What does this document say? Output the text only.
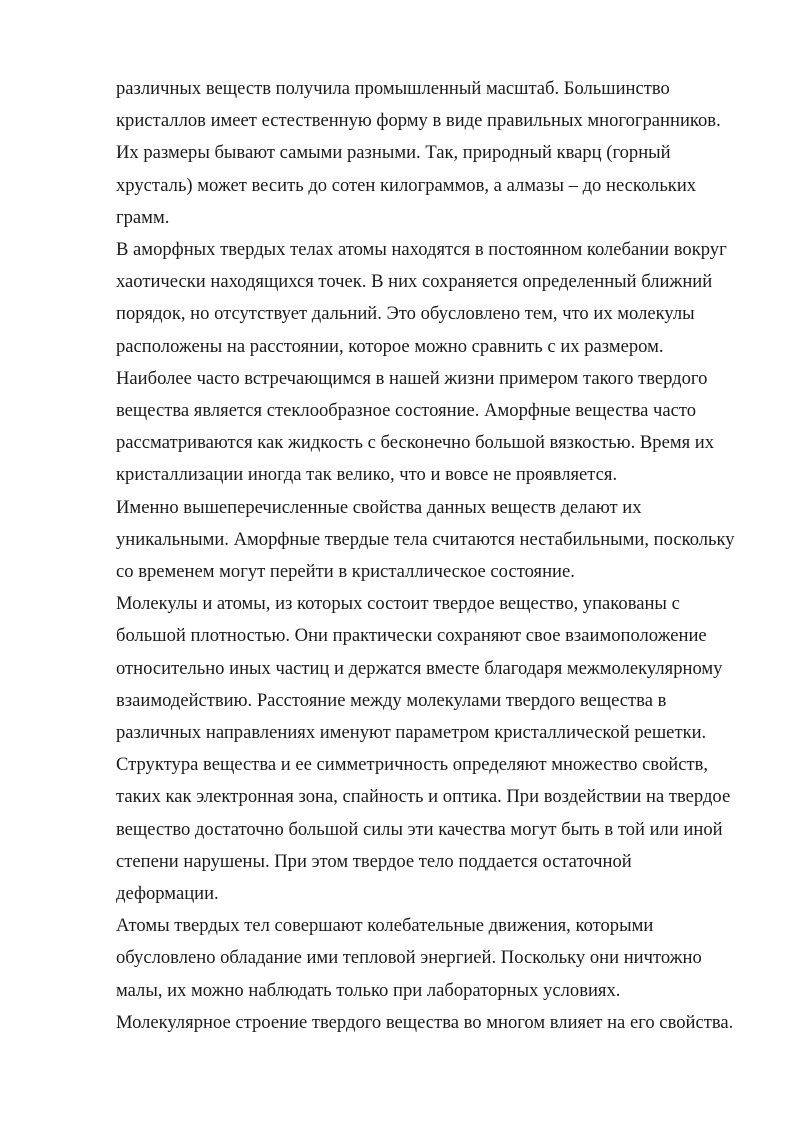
различных веществ получила промышленный масштаб. Большинство
кристаллов имеет естественную форму в виде правильных многогранников.
Их размеры бывают самыми разными. Так, природный кварц (горный
хрусталь) может весить до сотен килограммов, а алмазы – до нескольких
грамм.
В аморфных твердых телах атомы находятся в постоянном колебании вокруг
хаотически находящихся точек. В них сохраняется определенный ближний
порядок, но отсутствует дальний. Это обусловлено тем, что их молекулы
расположены на расстоянии, которое можно сравнить с их размером.
Наиболее часто встречающимся в нашей жизни примером такого твердого
вещества является стеклообразное состояние. Аморфные вещества часто
рассматриваются как жидкость с бесконечно большой вязкостью. Время их
кристаллизации иногда так велико, что и вовсе не проявляется.
Именно вышеперечисленные свойства данных веществ делают их
уникальными. Аморфные твердые тела считаются нестабильными, поскольку
со временем могут перейти в кристаллическое состояние.
Молекулы и атомы, из которых состоит твердое вещество, упакованы с
большой плотностью. Они практически сохраняют свое взаимоположение
относительно иных частиц и держатся вместе благодаря межмолекулярному
взаимодействию. Расстояние между молекулами твердого вещества в
различных направлениях именуют параметром кристаллической решетки.
Структура вещества и ее симметричность определяют множество свойств,
таких как электронная зона, спайность и оптика. При воздействии на твердое
вещество достаточно большой силы эти качества могут быть в той или иной
степени нарушены. При этом твердое тело поддается остаточной
деформации.
Атомы твердых тел совершают колебательные движения, которыми
обусловлено обладание ими тепловой энергией. Поскольку они ничтожно
малы, их можно наблюдать только при лабораторных условиях.
Молекулярное строение твердого вещества во многом влияет на его свойства.
